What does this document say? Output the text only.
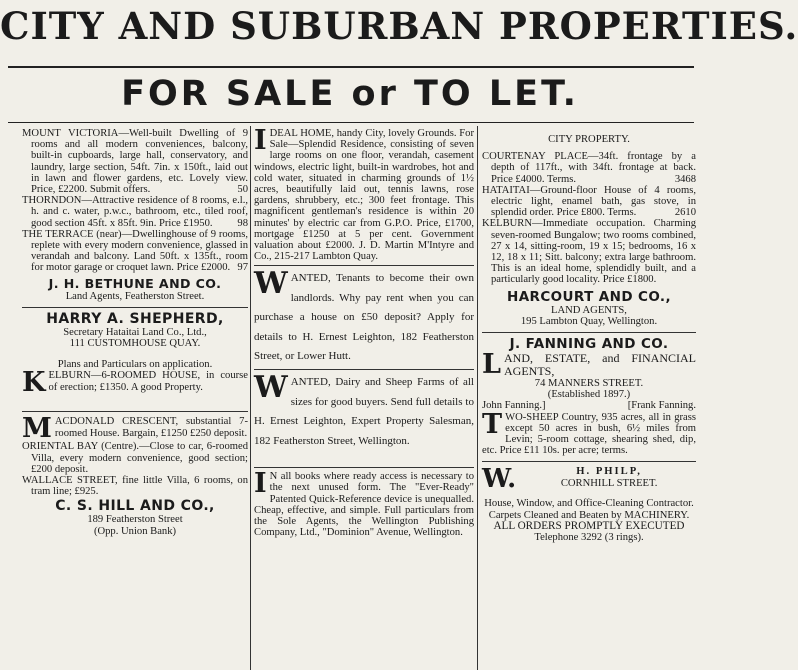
CITY AND SUBURBAN PROPERTIES.
FOR SALE or TO LET.

MOUNT VICTORIA—Well-built Dwelling of 9 rooms and all modern conveniences, balcony, built-in cupboards, large hall, conservatory, and laundry, large section, 54ft. 7in. x 150ft., laid out in lawn and flower gardens, etc. Lovely view. Price, £2200. Submit offers.	50

THORNDON—Attractive residence of 8 rooms, e.l., h. and c. water, p.w.c., bathroom, etc., tiled roof, good section 45ft. x 85ft. 9in. Price £1950. 98

THE TERRACE (near)—Dwellinghouse of 9 rooms, replete with every modern convenience, glassed in verandah and balcony. Land 50ft. x 135ft., room for motor garage or croquet lawn. Price £2000. 97

J. H. BETHUNE AND CO.

Land Agents, Featherston Street.

HARRY A. SHEPHERD,

Secretary Hataitai Land Co., Ltd.,

111 CUSTOMHOUSE QUAY.

Plans and Particulars on application.

KELBURN—6-ROOMED HOUSE, in course of erection; £1350. A good Property.

MACDONALD CRESCENT, substantial 7-roomed House. Bargain, £1250 £250 deposit.

ORIENTAL BAY (Centre).—Close to car, 6-roomed Villa, every modern convenience, good section; £200 deposit.

WALLACE STREET, fine little Villa, 6 rooms, on tram line; £925.

C. S. HILL AND CO.,

189 Featherston Street

(Opp. Union Bank)

IDEAL HOME, handy City, lovely Grounds. For Sale—Splendid Residence, consisting of seven large rooms on one floor, verandah, casement windows, electric light, built-in wardrobes, hot and cold water, situated in charming grounds of 1½ acres, beautifully laid out, tennis lawns, rose gardens, shrubbery, etc.; 300 feet frontage. This magnificent gentleman's residence is within 20 minutes' by electric car from G.P.O. Price, £1700, mortgage £1250 at 5 per cent. Government valuation about £2000. J. D. Martin M'Intyre and Co., 215-217 Lambton Quay.

WANTED, Tenants to become their own landlords. Why pay rent when you can purchase a house on £50 deposit? Apply for details to H. Ernest Leighton, 182 Featherston Street, or Lower Hutt.

WANTED, Dairy and Sheep Farms of all sizes for good buyers. Send full details to H. Ernest Leighton, Expert Property Salesman, 182 Featherston Street, Wellington.

I N all books where ready access is necessary to the next unused form. The "Ever-Ready" Patented Quick-Reference device is unequalled. Cheap, effective, and simple. Full particulars from the Sole Agents, the Wellington Publishing Company, Ltd., "Dominion" Avenue, Wellington.

CITY PROPERTY.

COURTENAY PLACE—34ft. frontage by a depth of 117ft., with 34ft. frontage at back. Price £4000. Terms.	3468

HATAITAI—Ground-floor House of 4 rooms, electric light, enamel bath, gas stove, in splendid order. Price £800. Terms.	2610

KELBURN—Immediate occupation. Charming seven-roomed Bungalow; two rooms combined, 27 x 14, sitting-room, 19 x 15; bedrooms, 16 x 12, 18 x 11; Sitt. balcony; extra large bathroom. This is an ideal home, splendidly built, and a particularly good locality. Price £1800.

HARCOURT AND CO.,

LAND AGENTS,

195 Lambton Quay, Wellington.

J. FANNING AND CO.

LAND, ESTATE, and FINANCIAL AGENTS,

74 MANNERS STREET.

(Established 1897.)

John Fanning.]	[Frank Fanning.

TWO-SHEEP Country, 935 acres, all in grass except 50 acres in bush, 6½ miles from Levin; 5-room cottage, shearing shed, dip, etc. Price £11 10s. per acre; terms.

W.	H. PHILP,
CORNHILL STREET.

House, Window, and Office-Cleaning Contractor.

Carpets Cleaned and Beaten by MACHINERY.

ALL ORDERS PROMPTLY EXECUTED

Telephone 3292 (3 rings).
